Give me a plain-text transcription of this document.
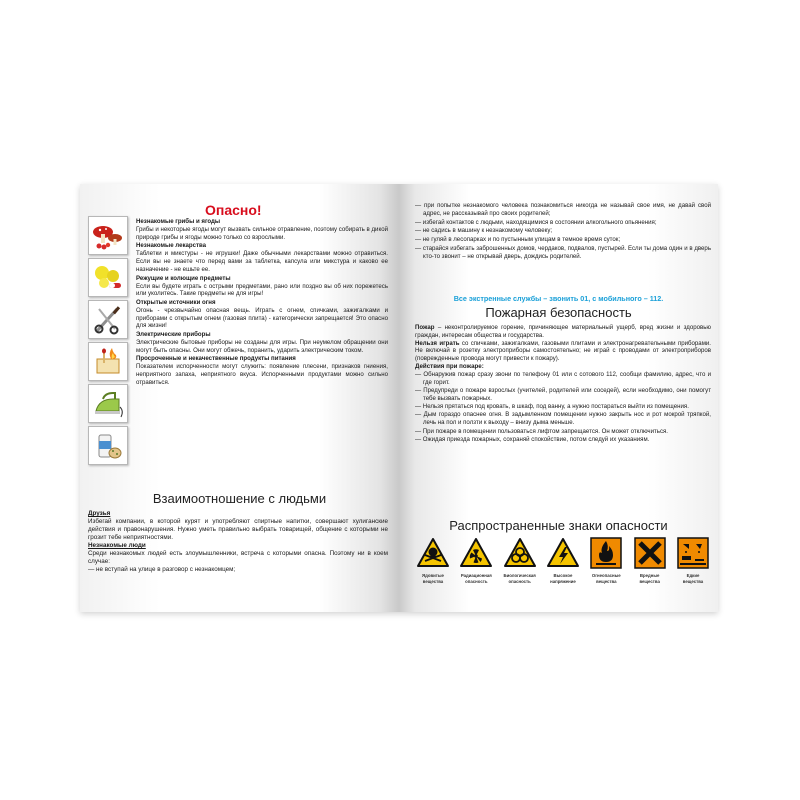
Опасно!
Незнакомые грибы и ягоды
Грибы и некоторые ягоды могут вызвать сильное отравление, поэтому собирать в дикой природе грибы и ягоды можно только со взрослыми.
Незнакомые лекарства
Таблетки и микстуры - не игрушки! Даже обычными лекарствами можно отравиться. Если вы не знаете что перед вами за таблетка, капсула или микстура и каково ее назначение - не ешьте ее.
Режущие и колющие предметы
Если вы будете играть с острыми предметами, рано или поздно вы об них порежетесь или уколитесь. Такие предметы не для игры!
Открытые источники огня
Огонь - чрезвычайно опасная вещь. Играть с огнем, спичками, зажигалками и приборами с открытым огнем (газовая плита) - категорически запрещается! Это опасно для жизни!
Электрические приборы
Электрические бытовые приборы не созданы для игры. При неумелом обращении они могут быть опасны. Они могут обжечь, поранить, ударить электрическим током.
Просроченные и некачественные продукты питания
Показателем испорченности могут служить: появление плесени, признаков гниения, неприятного запаха, неприятного вкуса. Испорченными продуктами можно сильно отравиться.
Взаимоотношение с людьми
Друзья
Избегай компании, в которой курят и употребляют спиртные напитки, совершают хулиганские действия и правонарушения. Нужно уметь правильно выбрать товарищей, общение с которыми не грозит тебе неприятностями.
Незнакомые люди
Среди незнакомых людей есть злоумышленники, встреча с которыми опасна. Поэтому ни в коем случае:
— не вступай на улице в разговор с незнакомцем;
— при попытке незнакомого человека познакомиться никогда не называй свое имя, не давай свой адрес, не рассказывай про своих родителей;
— избегай контактов с людьми, находящимися в состоянии алкогольного опьянения;
— не садись в машину к незнакомому человеку;
— не гуляй в лесопарках и по пустынным улицам в темное время суток;
— старайся избегать заброшенных домов, чердаков, подвалов, пустырей. Если ты дома один и в дверь кто-то звонит – не открывай дверь, дождись родителей.
Все экстренные службы – звонить 01, с мобильного – 112.
Пожарная безопасность
Пожар – неконтролируемое горение, причиняющее материальный ущерб, вред жизни и здоровью граждан, интересам общества и государства.
Нельзя играть со спичками, зажигалками, газовыми плитами и электронагревательными приборами. Не включай в розетку электроприборы самостоятельно; не играй с проводами от электроприборов (поврежденные провода могут привести к пожару).
Действия при пожаре:
— Обнаружив пожар сразу звони по телефону 01 или с сотового 112, сообщи фамилию, адрес, что и где горит.
— Предупреди о пожаре взрослых (учителей, родителей или соседей), если необходимо, они помогут тебе вызвать пожарных.
— Нельзя прятаться под кровать, в шкаф, под ванну, а нужно постараться выйти из помещения.
— Дым гораздо опаснее огня. В задымленном помещении нужно закрыть нос и рот мокрой тряпкой, лечь на пол и ползти к выходу – внизу дыма меньше.
— При пожаре в помещении пользоваться лифтом запрещается. Он может отключиться.
— Ожидая приезда пожарных, сохраняй спокойствие, потом следуй их указаниям.
Распространенные знаки опасности
Ядовитые
вещества
Радиационная
опасность
Биологическая
опасность
Высокое
напряжение
Огнеопасные
вещества
Вредные
вещества
Едкие
вещества
